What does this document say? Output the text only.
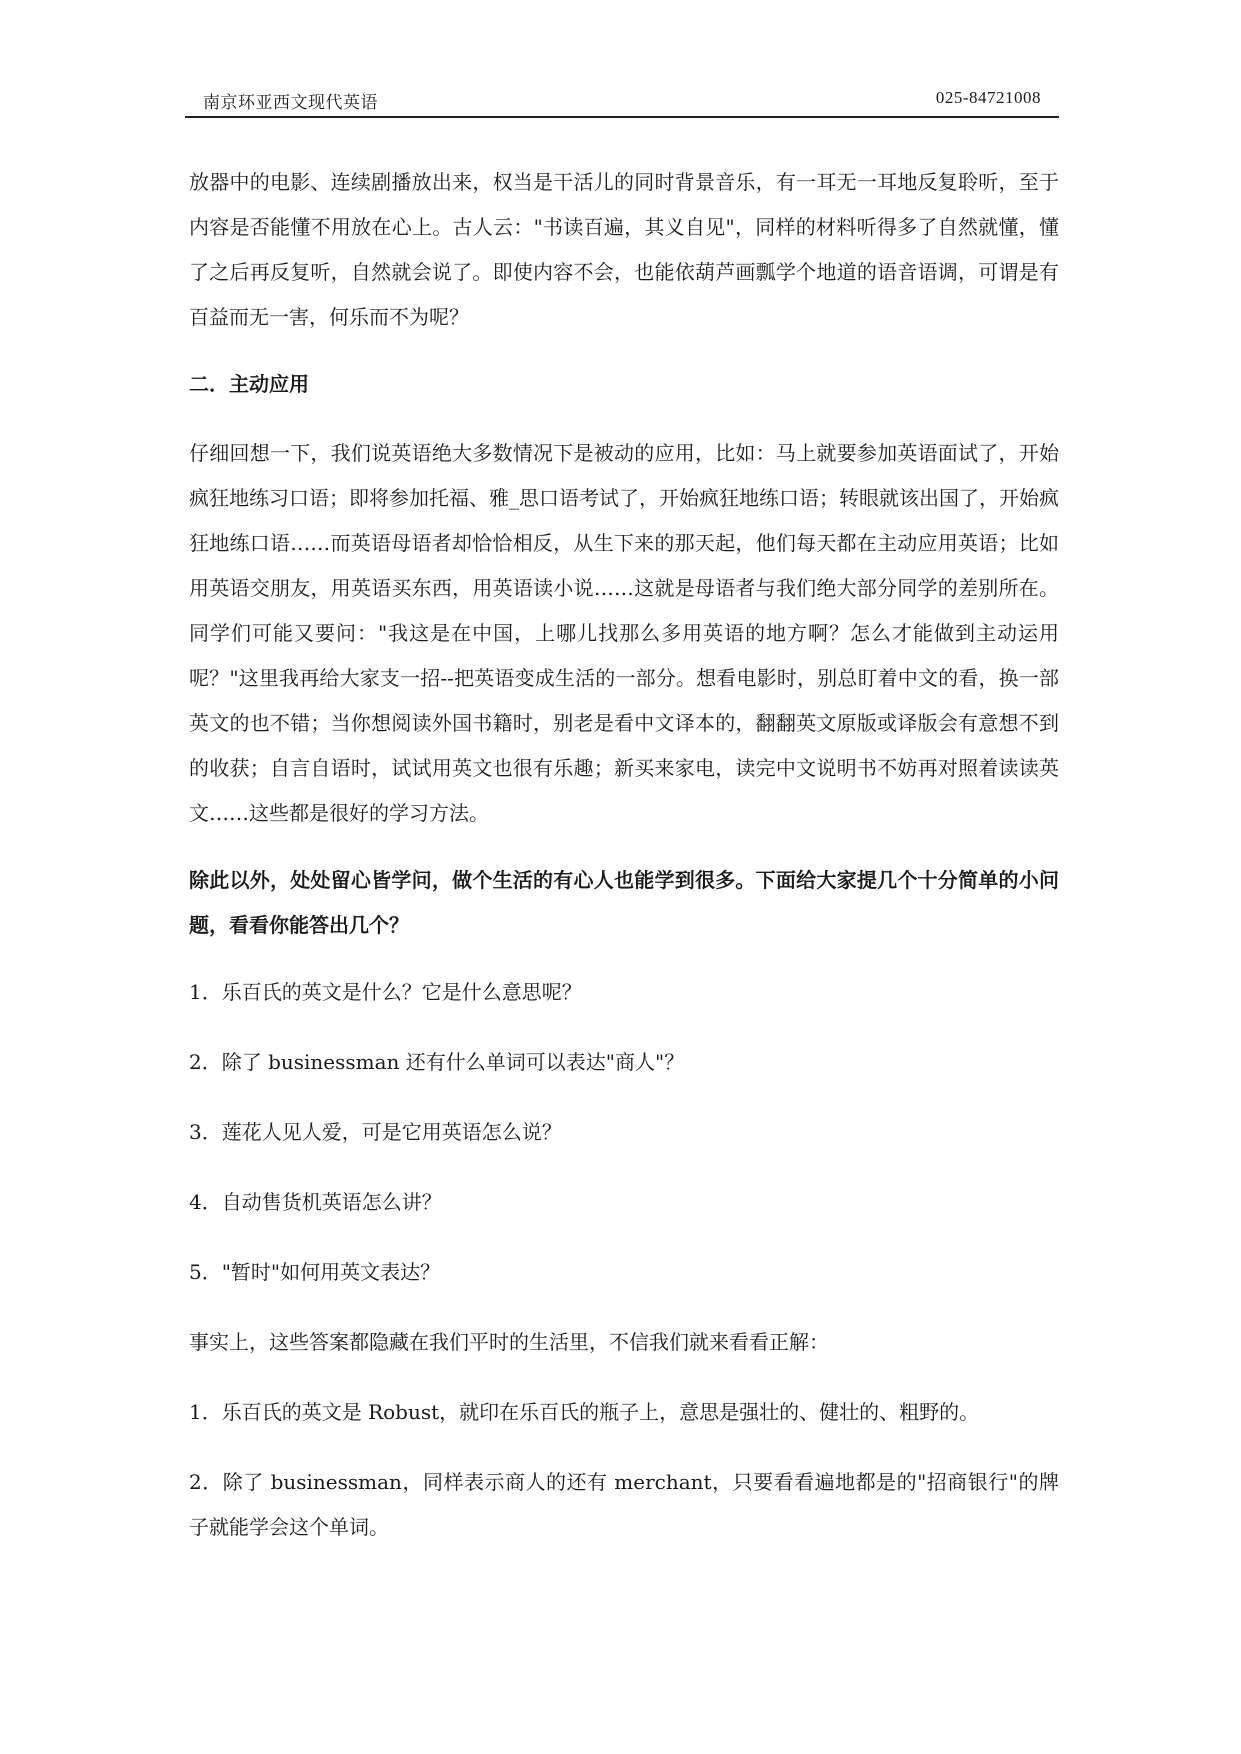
南京环亚西文现代英语	025-84721008

放器中的电影、连续剧播放出来，权当是干活儿的同时背景音乐，有一耳无一耳地反复聆听，至于内容是否能懂不用放在心上。古人云："书读百遍，其义自见"，同样的材料听得多了自然就懂，懂了之后再反复听，自然就会说了。即使内容不会，也能依葫芦画瓢学个地道的语音语调，可谓是有百益而无一害，何乐而不为呢？

二．主动应用

仔细回想一下，我们说英语绝大多数情况下是被动的应用，比如：马上就要参加英语面试了，开始疯狂地练习口语；即将参加托福、雅_思口语考试了，开始疯狂地练口语；转眼就该出国了，开始疯狂地练口语……而英语母语者却恰恰相反，从生下来的那天起，他们每天都在主动应用英语；比如用英语交朋友，用英语买东西，用英语读小说……这就是母语者与我们绝大部分同学的差别所在。同学们可能又要问："我这是在中国，上哪儿找那么多用英语的地方啊？怎么才能做到主动运用呢？"这里我再给大家支一招--把英语变成生活的一部分。想看电影时，别总盯着中文的看，换一部英文的也不错；当你想阅读外国书籍时，别老是看中文译本的，翻翻英文原版或译版会有意想不到的收获；自言自语时，试试用英文也很有乐趣；新买来家电，读完中文说明书不妨再对照着读读英文……这些都是很好的学习方法。

除此以外，处处留心皆学问，做个生活的有心人也能学到很多。下面给大家提几个十分简单的小问题，看看你能答出几个？

1．乐百氏的英文是什么？它是什么意思呢？

2．除了 businessman 还有什么单词可以表达"商人"？

3．莲花人见人爱，可是它用英语怎么说？

4．自动售货机英语怎么讲？

5．"暂时"如何用英文表达？

事实上，这些答案都隐藏在我们平时的生活里，不信我们就来看看正解：

1．乐百氏的英文是 Robust，就印在乐百氏的瓶子上，意思是强壮的、健壮的、粗野的。

2．除了 businessman，同样表示商人的还有 merchant，只要看看遍地都是的"招商银行"的牌子就能学会这个单词。
